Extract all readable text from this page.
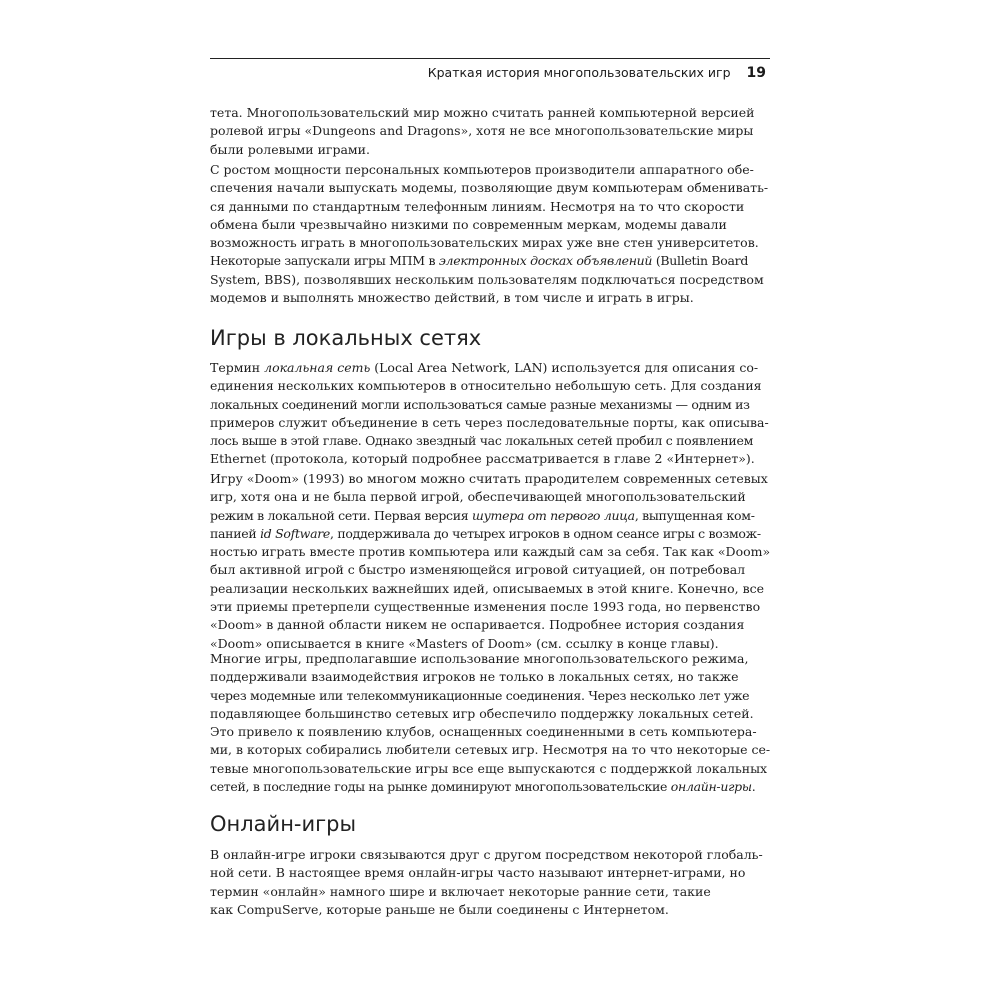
Краткая история многопользовательских игр 19
тета. Многопользовательский мир можно считать ранней компьютерной версией
ролевой игры «Dungeons and Dragons», хотя не все многопользовательские миры
были ролевыми играми.
С ростом мощности персональных компьютеров производители аппаратного обе-
спечения начали выпускать модемы, позволяющие двум компьютерам обменивать-
ся данными по стандартным телефонным линиям. Несмотря на то что скорости
обмена были чрезвычайно низкими по современным меркам, модемы давали
возможность играть в многопользовательских мирах уже вне стен университетов.
Некоторые запускали игры МПМ в электронных досках объявлений (Bulletin Board
System, BBS), позволявших нескольким пользователям подключаться посредством
модемов и выполнять множество действий, в том числе и играть в игры.
Игры в локальных сетях
Термин локальная сеть (Local Area Network, LAN) используется для описания со-
единения нескольких компьютеров в относительно небольшую сеть. Для создания
локальных соединений могли использоваться самые разные механизмы — одним из
примеров служит объединение в сеть через последовательные порты, как описыва-
лось выше в этой главе. Однако звездный час локальных сетей пробил с появлением
Ethernet (протокола, который подробнее рассматривается в главе 2 «Интернет»).
Игру «Doom» (1993) во многом можно считать прародителем современных сетевых
игр, хотя она и не была первой игрой, обеспечивающей многопользовательский
режим в локальной сети. Первая версия шутера от первого лица, выпущенная ком-
панией id Software, поддерживала до четырех игроков в одном сеансе игры с возмож-
ностью играть вместе против компьютера или каждый сам за себя. Так как «Doom»
был активной игрой с быстро изменяющейся игровой ситуацией, он потребовал
реализации нескольких важнейших идей, описываемых в этой книге. Конечно, все
эти приемы претерпели существенные изменения после 1993 года, но первенство
«Doom» в данной области никем не оспаривается. Подробнее история создания
«Doom» описывается в книге «Masters of Doom» (см. ссылку в конце главы).
Многие игры, предполагавшие использование многопользовательского режима,
поддерживали взаимодействия игроков не только в локальных сетях, но также
через модемные или телекоммуникационные соединения. Через несколько лет уже
подавляющее большинство сетевых игр обеспечило поддержку локальных сетей.
Это привело к появлению клубов, оснащенных соединенными в сеть компьютера-
ми, в которых собирались любители сетевых игр. Несмотря на то что некоторые се-
тевые многопользовательские игры все еще выпускаются с поддержкой локальных
сетей, в последние годы на рынке доминируют многопользовательские онлайн-игры.
Онлайн-игры
В онлайн-игре игроки связываются друг с другом посредством некоторой глобаль-
ной сети. В настоящее время онлайн-игры часто называют интернет-играми, но
термин «онлайн» намного шире и включает некоторые ранние сети, такие
как CompuServe, которые раньше не были соединены с Интернетом.
